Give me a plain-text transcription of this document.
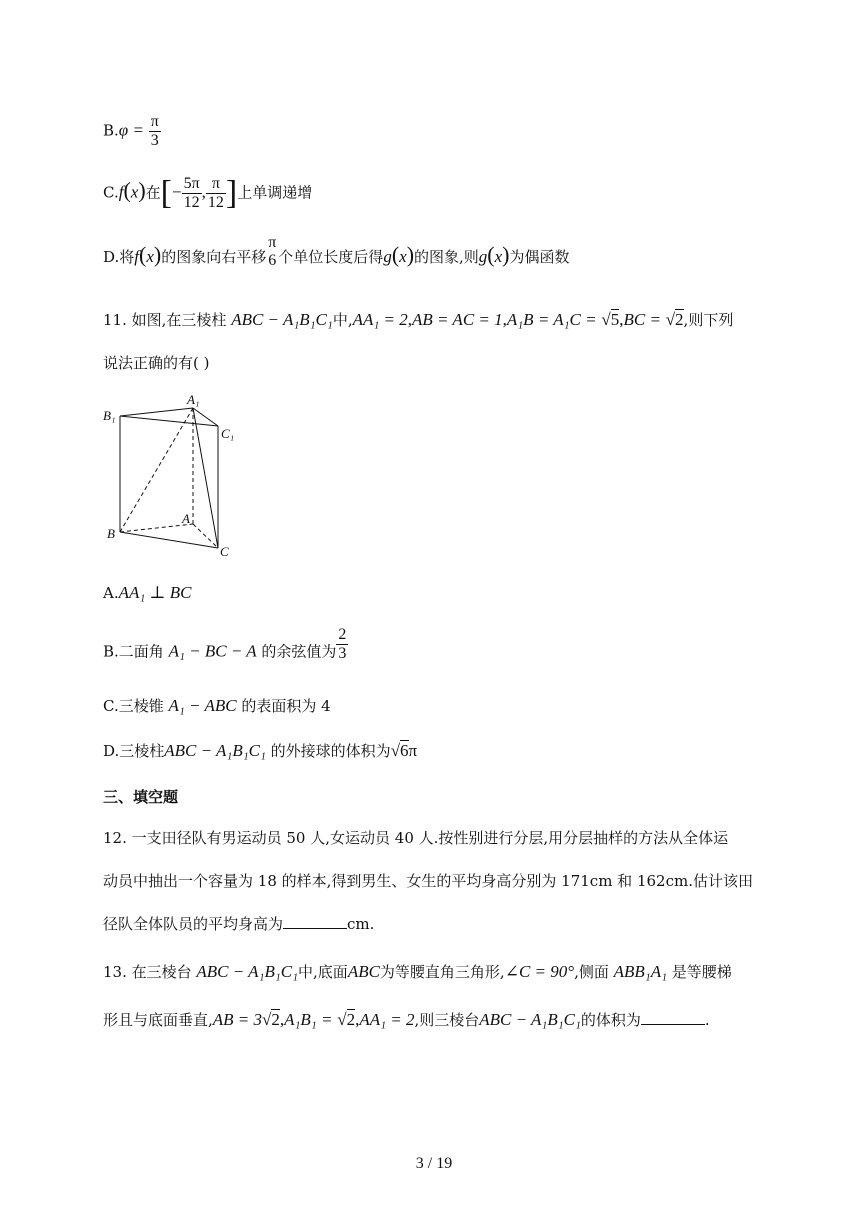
$B.\varphi = \frac{\pi}{3}$
C.f(x)在[− $\frac{5\pi}{12}$ , $\frac{\pi}{12}$ ]上单调递增
D.将f(x)的图象向右平移
π
6 个单位长度后得g(x)的图象,则g(x)为偶函数
11. 如图,在三棱柱 ABC − A₁B₁C₁中,AA₁ = 2,AB = AC = 1,A₁B = A₁C = √5,BC = √2,则下列
说法正确的有( )
B₁
A₁
C₁
A
B
C
A.AA₁ ⊥ BC
B.二面角 A₁ − BC − A 的余弦值为 $\frac{2}{3}$
C.三棱锥 A₁ − ABC 的表面积为 4
D.三棱柱ABC − A₁B₁C₁ 的外接球的体积为√6π
三、填空题
12. 一支田径队有男运动员 50 人,女运动员 40 人.按性别进行分层,用分层抽样的方法从全体运
动员中抽出一个容量为 18 的样本,得到男生、女生的平均身高分别为 171cm 和 162cm.估计该田
径队全体队员的平均身高为	cm.
13. 在三棱台 ABC − A₁B₁C₁中,底面ABC为等腰直角三角形,∠C = 90°,侧面 ABB₁A₁ 是等腰梯
形且与底面垂直,AB = 3√2,A₁B₁ = √2,AA₁ = 2,则三棱台ABC − A₁B₁C₁的体积为	.
3 / 19
